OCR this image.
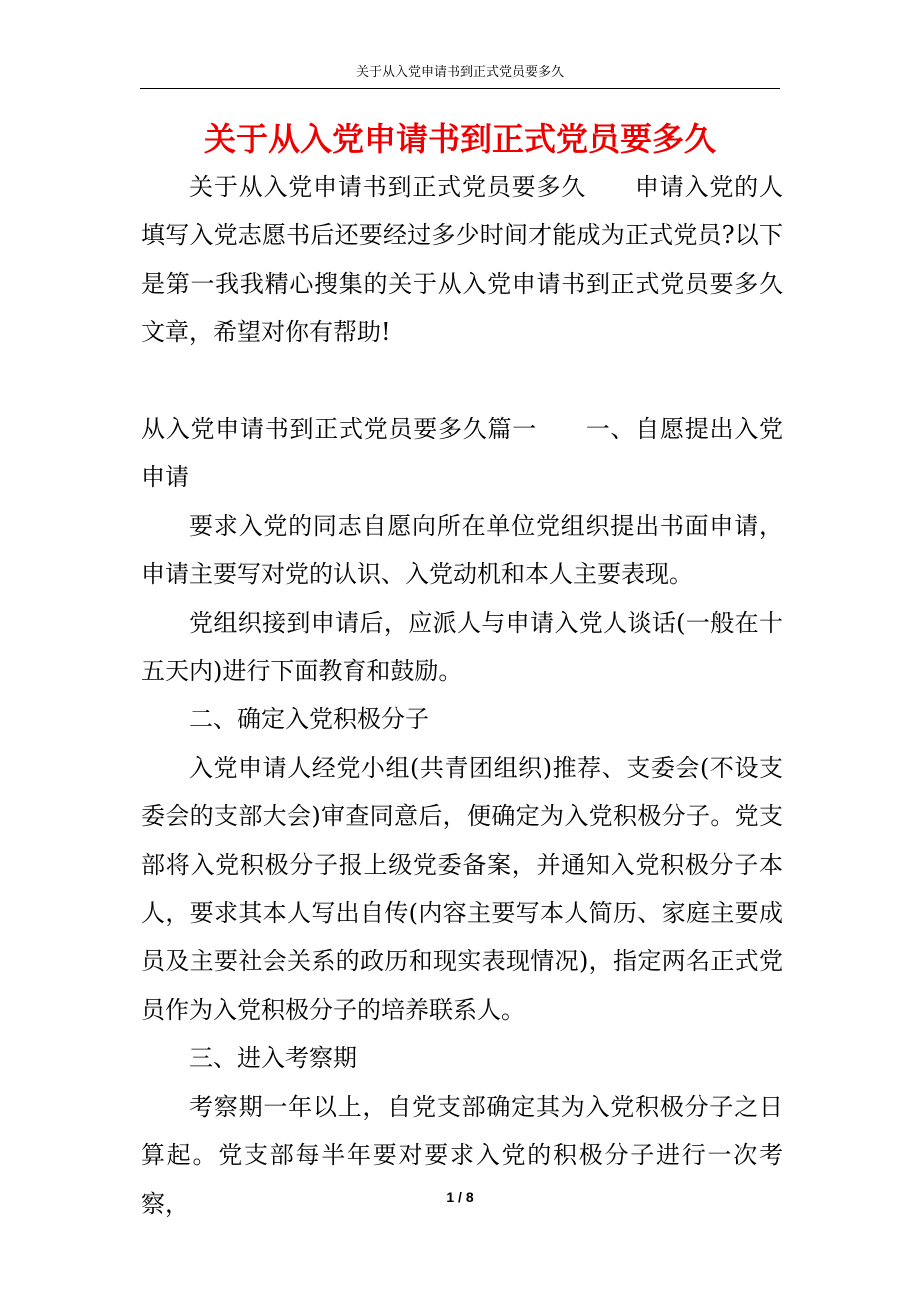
关于从入党申请书到正式党员要多久
关于从入党申请书到正式党员要多久

关于从入党申请书到正式党员要多久 申请入党的人填写入党志愿书后还要经过多少时间才能成为正式党员?以下是第一我我精心搜集的关于从入党申请书到正式党员要多久文章，希望对你有帮助!

从入党申请书到正式党员要多久篇一 一、自愿提出入党申请

要求入党的同志自愿向所在单位党组织提出书面申请，申请主要写对党的认识、入党动机和本人主要表现。

党组织接到申请后，应派人与申请入党人谈话(一般在十五天内)进行下面教育和鼓励。

二、确定入党积极分子

入党申请人经党小组(共青团组织)推荐、支委会(不设支委会的支部大会)审查同意后，便确定为入党积极分子。党支部将入党积极分子报上级党委备案，并通知入党积极分子本人，要求其本人写出自传(内容主要写本人简历、家庭主要成员及主要社会关系的政历和现实表现情况)，指定两名正式党员作为入党积极分子的培养联系人。

三、进入考察期

考察期一年以上，自党支部确定其为入党积极分子之日算起。党支部每半年要对要求入党的积极分子进行一次考察，	1 / 8
